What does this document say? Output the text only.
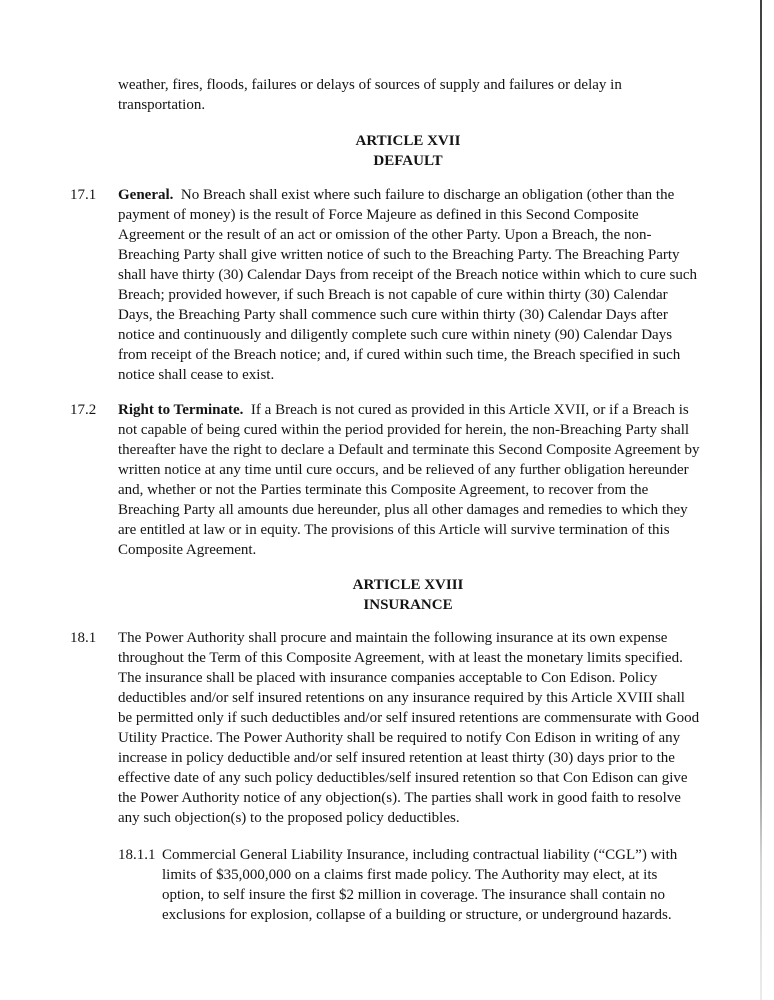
weather, fires, floods, failures or delays of sources of supply and failures or delay in transportation.

ARTICLE XVII
DEFAULT
17.1 General. No Breach shall exist where such failure to discharge an obligation (other than the payment of money) is the result of Force Majeure as defined in this Second Composite Agreement or the result of an act or omission of the other Party. Upon a Breach, the non-Breaching Party shall give written notice of such to the Breaching Party. The Breaching Party shall have thirty (30) Calendar Days from receipt of the Breach notice within which to cure such Breach; provided however, if such Breach is not capable of cure within thirty (30) Calendar Days, the Breaching Party shall commence such cure within thirty (30) Calendar Days after notice and continuously and diligently complete such cure within ninety (90) Calendar Days from receipt of the Breach notice; and, if cured within such time, the Breach specified in such notice shall cease to exist.

17.2 Right to Terminate. If a Breach is not cured as provided in this Article XVII, or if a Breach is not capable of being cured within the period provided for herein, the non-Breaching Party shall thereafter have the right to declare a Default and terminate this Second Composite Agreement by written notice at any time until cure occurs, and be relieved of any further obligation hereunder and, whether or not the Parties terminate this Composite Agreement, to recover from the Breaching Party all amounts due hereunder, plus all other damages and remedies to which they are entitled at law or in equity. The provisions of this Article will survive termination of this Composite Agreement.

ARTICLE XVIII
INSURANCE
18.1 The Power Authority shall procure and maintain the following insurance at its own expense throughout the Term of this Composite Agreement, with at least the monetary limits specified. The insurance shall be placed with insurance companies acceptable to Con Edison. Policy deductibles and/or self insured retentions on any insurance required by this Article XVIII shall be permitted only if such deductibles and/or self insured retentions are commensurate with Good Utility Practice. The Power Authority shall be required to notify Con Edison in writing of any increase in policy deductible and/or self insured retention at least thirty (30) days prior to the effective date of any such policy deductibles/self insured retention so that Con Edison can give the Power Authority notice of any objection(s). The parties shall work in good faith to resolve any such objection(s) to the proposed policy deductibles.

18.1.1 Commercial General Liability Insurance, including contractual liability (“CGL”) with limits of $35,000,000 on a claims first made policy. The Authority may elect, at its option, to self insure the first $2 million in coverage. The insurance shall contain no exclusions for explosion, collapse of a building or structure, or underground hazards.
